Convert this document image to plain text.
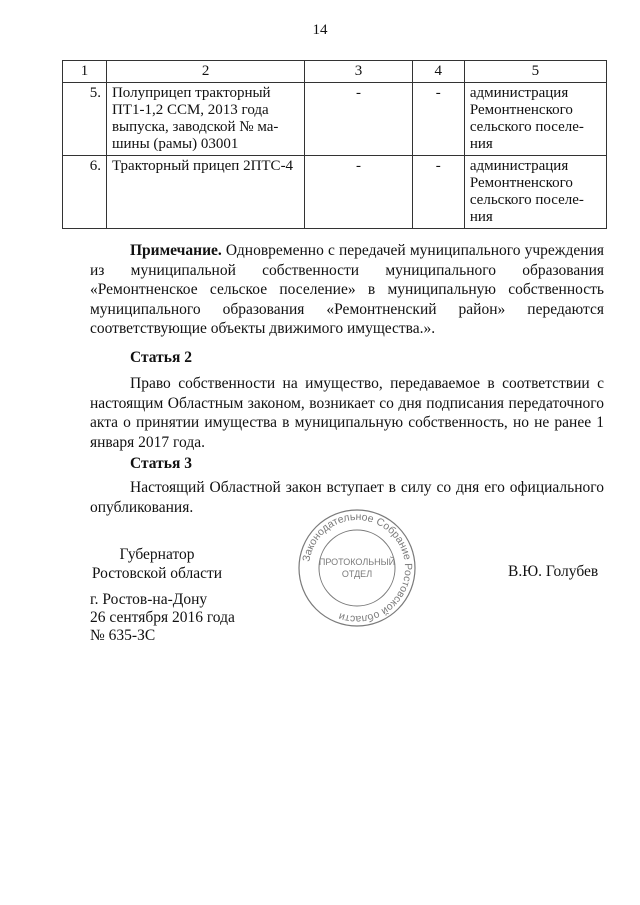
14
1	2	3	4	5
5.	Полуприцеп тракторный ПТ1-1,2 ССМ, 2013 года выпуска, заводской № ма-шины (рамы) 03001	-	-	администрация Ремонтненского сельского поселе-ния
6.	Тракторный прицеп 2ПТС-4	-	-	администрация Ремонтненского сельского поселе-ния
Примечание. Одновременно с передачей муниципального учреждения из муниципальной собственности муниципального образования «Ремонтненское сельское поселение» в муниципальную собственность муниципального образования «Ремонтненский район» передаются соответствующие объекты движимого имущества.».
Статья 2
Право собственности на имущество, передаваемое в соответствии с настоящим Областным законом, возникает со дня подписания передаточного акта о принятии имущества в муниципальную собственность, но не ранее 1 января 2017 года.
Статья 3
Настоящий Областной закон вступает в силу со дня его официального опубликования.
Губернатор
Ростовской области
Законодательное Собрание Ростовской области
ПРОТОКОЛЬНЫЙ
ОТДЕЛ	В.Ю. Голубев
г. Ростов-на-Дону
26 сентября 2016 года
№ 635-ЗС
